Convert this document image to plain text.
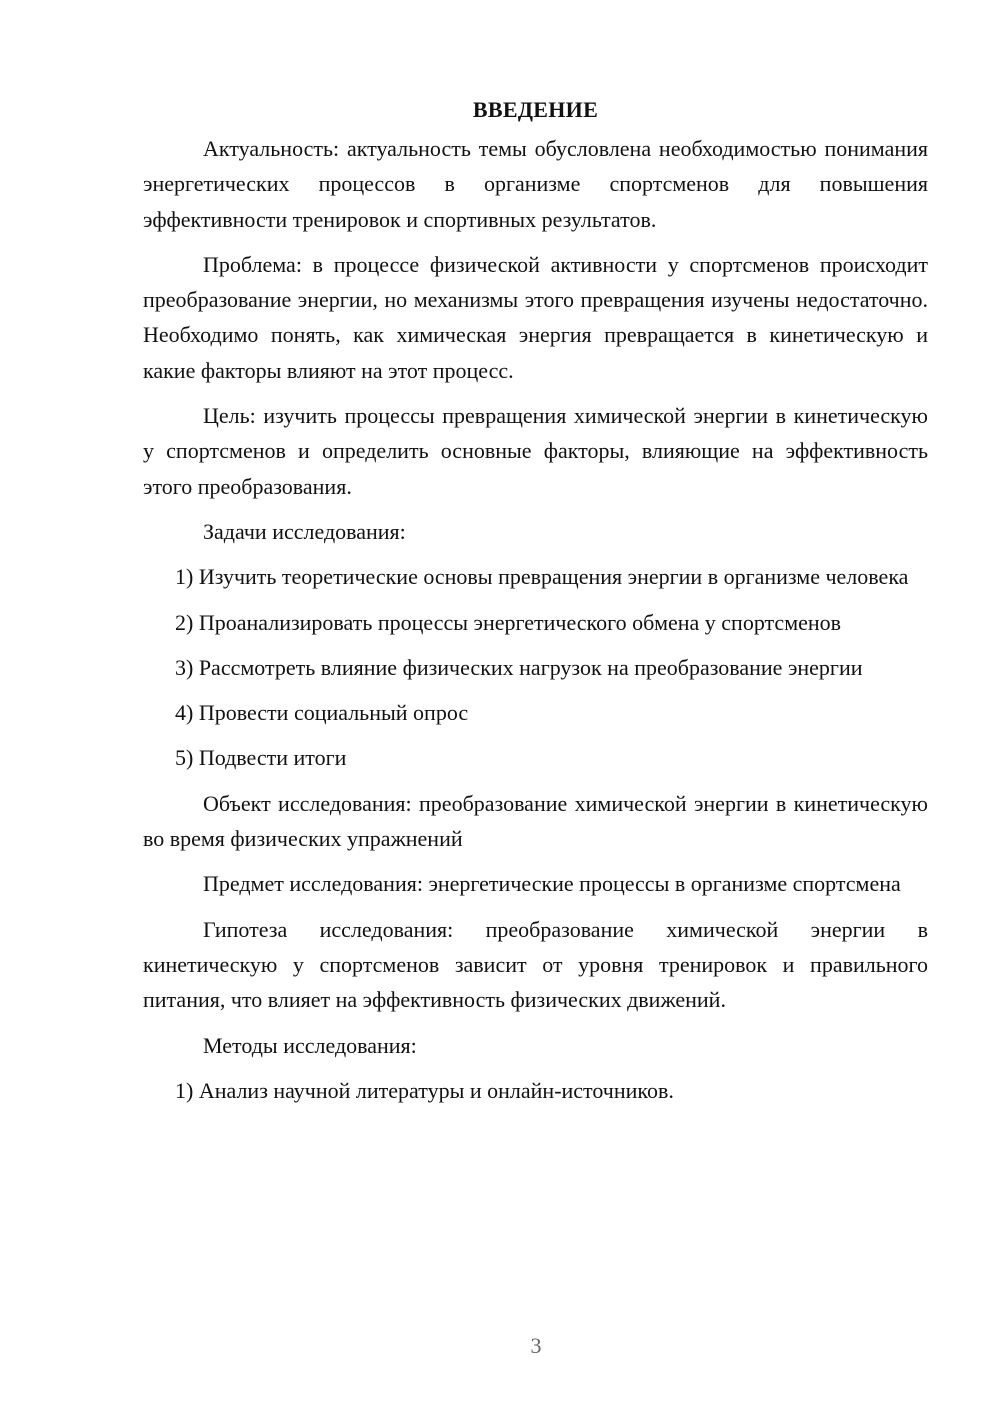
ВВЕДЕНИЕ

Актуальность: актуальность темы обусловлена необходимостью понимания энергетических процессов в организме спортсменов для повышения эффективности тренировок и спортивных результатов.

Проблема: в процессе физической активности у спортсменов происходит преобразование энергии, но механизмы этого превращения изучены недостаточно. Необходимо понять, как химическая энергия превращается в кинетическую и какие факторы влияют на этот процесс.

Цель: изучить процессы превращения химической энергии в кинетическую у спортсменов и определить основные факторы, влияющие на эффективность этого преобразования.

Задачи исследования:

1) Изучить теоретические основы превращения энергии в организме человека

2) Проанализировать процессы энергетического обмена у спортсменов

3) Рассмотреть влияние физических нагрузок на преобразование энергии

4) Провести социальный опрос

5) Подвести итоги

Объект исследования: преобразование химической энергии в кинетическую во время физических упражнений

Предмет исследования: энергетические процессы в организме спортсмена

Гипотеза исследования: преобразование химической энергии в кинетическую у спортсменов зависит от уровня тренировок и правильного питания, что влияет на эффективность физических движений.

Методы исследования:

1) Анализ научной литературы и онлайн-источников.

3
